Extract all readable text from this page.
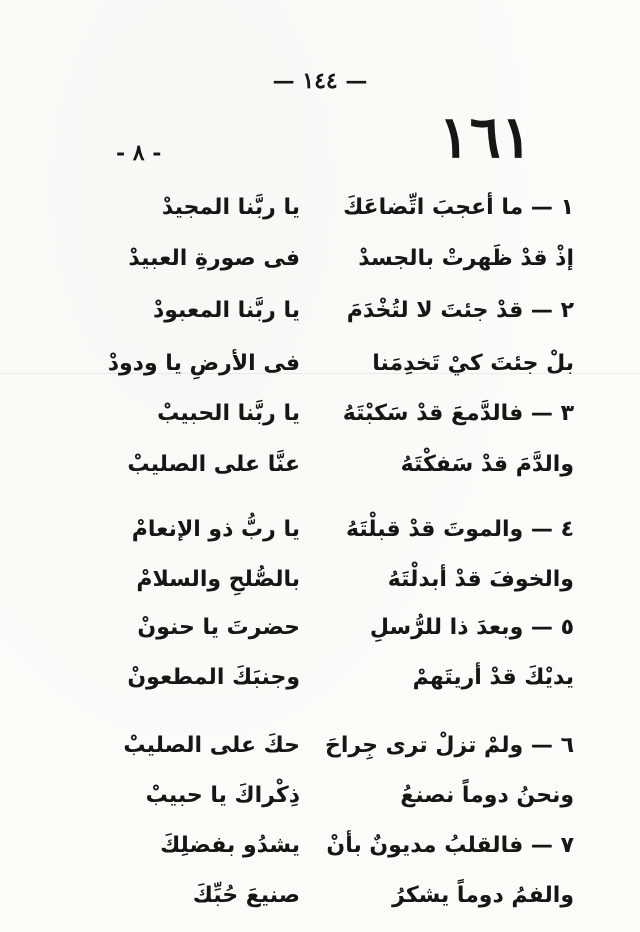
— ١٤٤ —
١٦١
- ٨ -
١ — ما أعجبَ اتِّضاعَكَ
يا ربَّنا المجيدْ
إذْ قدْ ظَهرتْ بالجسدْ
فى صورةِ العبيدْ
٢ — قدْ جئتَ لا لتُخْدَمَ
يا ربَّنا المعبودْ
بلْ جئتَ كيْ تَخدِمَنا
فى الأرضِ يا ودودْ
٣ — فالدَّمعَ قدْ سَكبْتَهُ
يا ربَّنا الحبيبْ
والدَّمَ قدْ سَفكْتَهُ
عنَّا على الصليبْ
٤ — والموتَ قدْ قبلْتَهُ
يا ربُّ ذو الإنعامْ
والخوفَ قدْ أبدلْتَهُ
بالصُّلحِ والسلامْ
٥ — وبعدَ ذا للرُّسلِ
حضرتَ يا حنونْ
يديْكَ قدْ أريتَهمْ
وجنبَكَ المطعونْ
٦ — ولمْ تزلْ ترى جِراحَ
حكَ على الصليبْ
ونحنُ دوماً نصنعُ
ذِكْراكَ يا حبيبْ
٧ — فالقلبُ مديونٌ بأنْ
يشدُو بفضلِكَ
والفمُ دوماً يشكرُ
صنيعَ حُبِّكَ
